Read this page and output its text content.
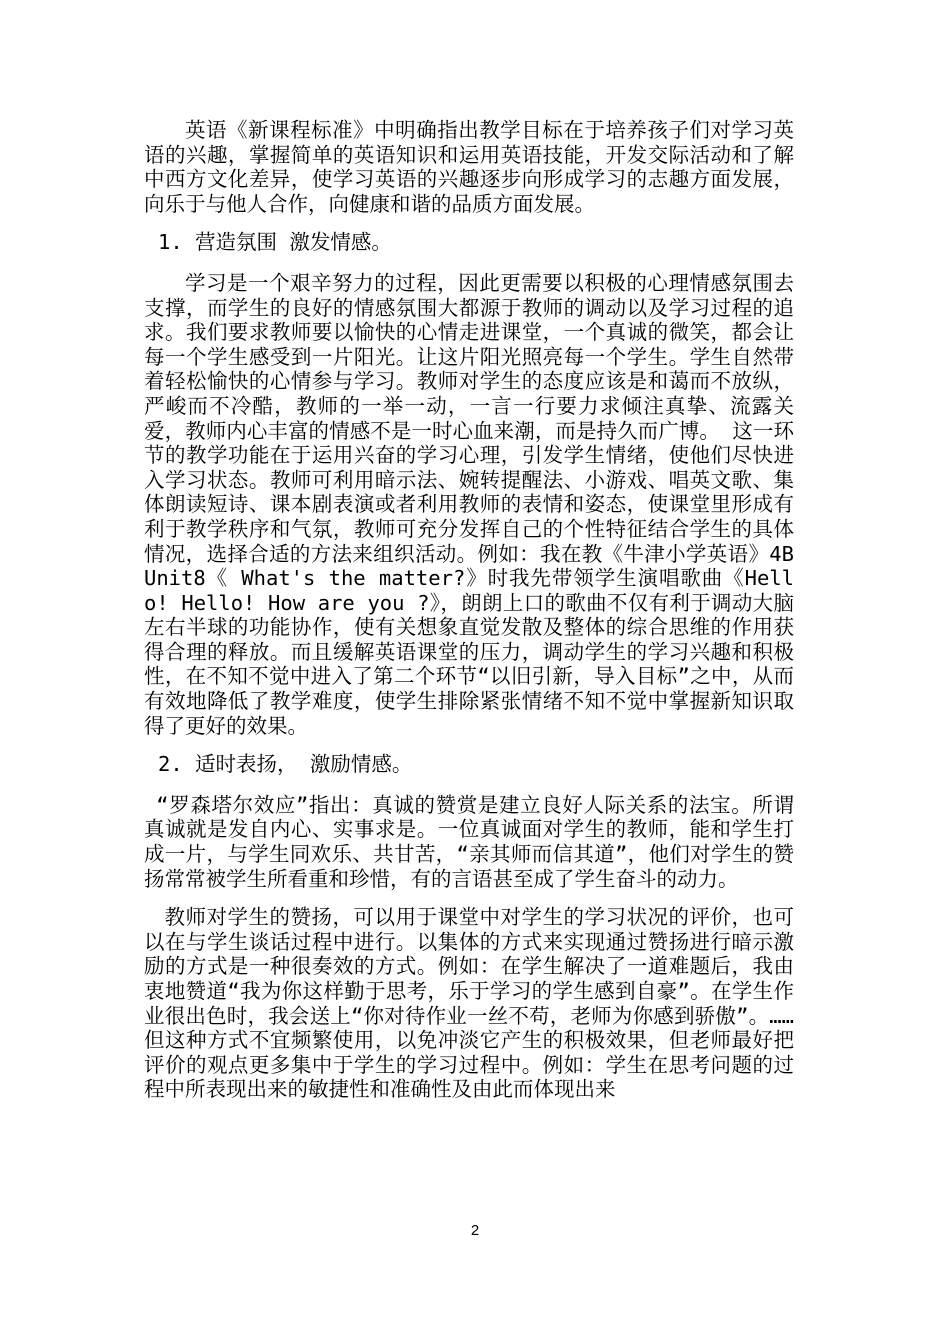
英语《新课程标准》中明确指出教学目标在于培养孩子们对学习英语的兴趣，掌握简单的英语知识和运用英语技能，开发交际活动和了解中西方文化差异，使学习英语的兴趣逐步向形成学习的志趣方面发展，向乐于与他人合作，向健康和谐的品质方面发展。

1. 营造氛围 激发情感。

学习是一个艰辛努力的过程，因此更需要以积极的心理情感氛围去支撑，而学生的良好的情感氛围大都源于教师的调动以及学习过程的追求。我们要求教师要以愉快的心情走进课堂，一个真诚的微笑，都会让每一个学生感受到一片阳光。让这片阳光照亮每一个学生。学生自然带着轻松愉快的心情参与学习。教师对学生的态度应该是和蔼而不放纵，严峻而不冷酷，教师的一举一动，一言一行要力求倾注真挚、流露关爱，教师内心丰富的情感不是一时心血来潮，而是持久而广博。 这一环节的教学功能在于运用兴奋的学习心理，引发学生情绪，使他们尽快进入学习状态。教师可利用暗示法、婉转提醒法、小游戏、唱英文歌、集体朗读短诗、课本剧表演或者利用教师的表情和姿态，使课堂里形成有利于教学秩序和气氛，教师可充分发挥自己的个性特征结合学生的具体情况，选择合适的方法来组织活动。例如：我在教《牛津小学英语》4BUnit8《 What's the matter?》时我先带领学生演唱歌曲《Hello! Hello! How are you ?》，朗朗上口的歌曲不仅有利于调动大脑左右半球的功能协作，使有关想象直觉发散及整体的综合思维的作用获得合理的释放。而且缓解英语课堂的压力，调动学生的学习兴趣和积极性，在不知不觉中进入了第二个环节“以旧引新，导入目标”之中，从而有效地降低了教学难度，使学生排除紧张情绪不知不觉中掌握新知识取得了更好的效果。

2. 适时表扬， 激励情感。

“罗森塔尔效应”指出：真诚的赞赏是建立良好人际关系的法宝。所谓真诚就是发自内心、实事求是。一位真诚面对学生的教师，能和学生打成一片，与学生同欢乐、共甘苦，“亲其师而信其道”，他们对学生的赞扬常常被学生所看重和珍惜，有的言语甚至成了学生奋斗的动力。

教师对学生的赞扬，可以用于课堂中对学生的学习状况的评价，也可以在与学生谈话过程中进行。以集体的方式来实现通过赞扬进行暗示激励的方式是一种很奏效的方式。例如：在学生解决了一道难题后，我由衷地赞道“我为你这样勤于思考，乐于学习的学生感到自豪”。在学生作业很出色时，我会送上“你对待作业一丝不苟，老师为你感到骄傲”。……但这种方式不宜频繁使用，以免冲淡它产生的积极效果，但老师最好把评价的观点更多集中于学生的学习过程中。例如：学生在思考问题的过程中所表现出来的敏捷性和准确性及由此而体现出来

2
